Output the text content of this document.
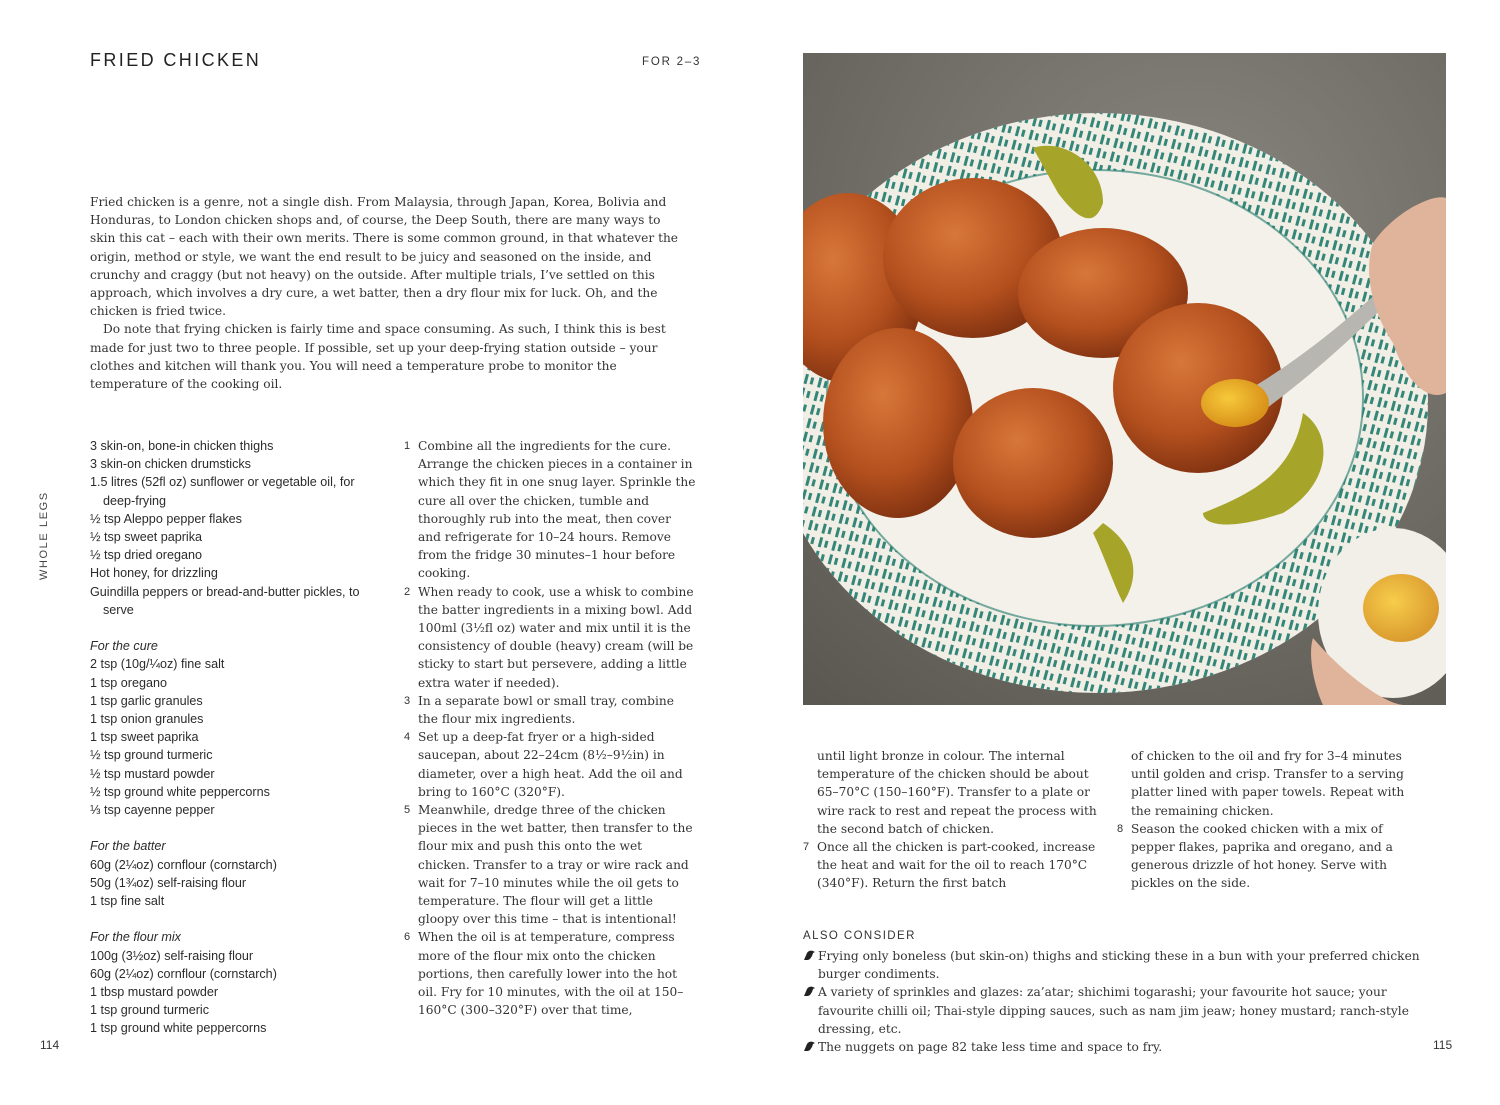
FRIED CHICKEN	FOR 2–3

Fried chicken is a genre, not a single dish. From Malaysia, through Japan, Korea, Bolivia and Honduras, to London chicken shops and, of course, the Deep South, there are many ways to skin this cat – each with their own merits. There is some common ground, in that whatever the origin, method or style, we want the end result to be juicy and seasoned on the inside, and crunchy and craggy (but not heavy) on the outside. After multiple trials, I’ve settled on this approach, which involves a dry cure, a wet batter, then a dry flour mix for luck. Oh, and the chicken is fried twice.

Do note that frying chicken is fairly time and space consuming. As such, I think this is best made for just two to three people. If possible, set up your deep-frying station outside – your clothes and kitchen will thank you. You will need a temperature probe to monitor the temperature of the cooking oil.

WHOLE LEGS
3 skin-on, bone-in chicken thighs
3 skin-on chicken drumsticks
1.5 litres (52fl oz) sunflower or vegetable oil, for deep-frying
½ tsp Aleppo pepper flakes
½ tsp sweet paprika
½ tsp dried oregano
Hot honey, for drizzling
Guindilla peppers or bread-and-butter pickles, to serve
For the cure
2 tsp (10g/¼oz) fine salt
1 tsp oregano
1 tsp garlic granules
1 tsp onion granules
1 tsp sweet paprika
½ tsp ground turmeric
½ tsp mustard powder
½ tsp ground white peppercorns
⅓ tsp cayenne pepper
For the batter
60g (2¼oz) cornflour (cornstarch)
50g (1¾oz) self-raising flour
1 tsp fine salt
For the flour mix
100g (3½oz) self-raising flour
60g (2¼oz) cornflour (cornstarch)
1 tbsp mustard powder
1 tsp ground turmeric
1 tsp ground white peppercorns
1 Combine all the ingredients for the cure. Arrange the chicken pieces in a container in which they fit in one snug layer. Sprinkle the cure all over the chicken, tumble and thoroughly rub into the meat, then cover and refrigerate for 10–24 hours. Remove from the fridge 30 minutes–1 hour before cooking.
2 When ready to cook, use a whisk to combine the batter ingredients in a mixing bowl. Add 100ml (3½fl oz) water and mix until it is the consistency of double (heavy) cream (will be sticky to start but persevere, adding a little extra water if needed).
3 In a separate bowl or small tray, combine the flour mix ingredients.
4 Set up a deep-fat fryer or a high-sided saucepan, about 22–24cm (8½–9½in) in diameter, over a high heat. Add the oil and bring to 160°C (320°F).
5 Meanwhile, dredge three of the chicken pieces in the wet batter, then transfer to the flour mix and push this onto the wet chicken. Transfer to a tray or wire rack and wait for 7–10 minutes while the oil gets to temperature. The flour will get a little gloopy over this time – that is intentional!
6 When the oil is at temperature, compress more of the flour mix onto the chicken portions, then carefully lower into the hot oil. Fry for 10 minutes, with the oil at 150–160°C (300–320°F) over that time,
until light bronze in colour. The internal temperature of the chicken should be about 65–70°C (150–160°F). Transfer to a plate or wire rack to rest and repeat the process with the second batch of chicken.
7 Once all the chicken is part-cooked, increase the heat and wait for the oil to reach 170°C (340°F). Return the first batch
of chicken to the oil and fry for 3–4 minutes until golden and crisp. Transfer to a serving platter lined with paper towels. Repeat with the remaining chicken.
8 Season the cooked chicken with a mix of pepper flakes, paprika and oregano, and a generous drizzle of hot honey. Serve with pickles on the side.
ALSO CONSIDER
Frying only boneless (but skin-on) thighs and sticking these in a bun with your preferred chicken burger condiments.
A variety of sprinkles and glazes: za’atar; shichimi togarashi; your favourite hot sauce; your favourite chilli oil; Thai-style dipping sauces, such as nam jim jeaw; honey mustard; ranch-style dressing, etc.
The nuggets on page 82 take less time and space to fry.
114	115
